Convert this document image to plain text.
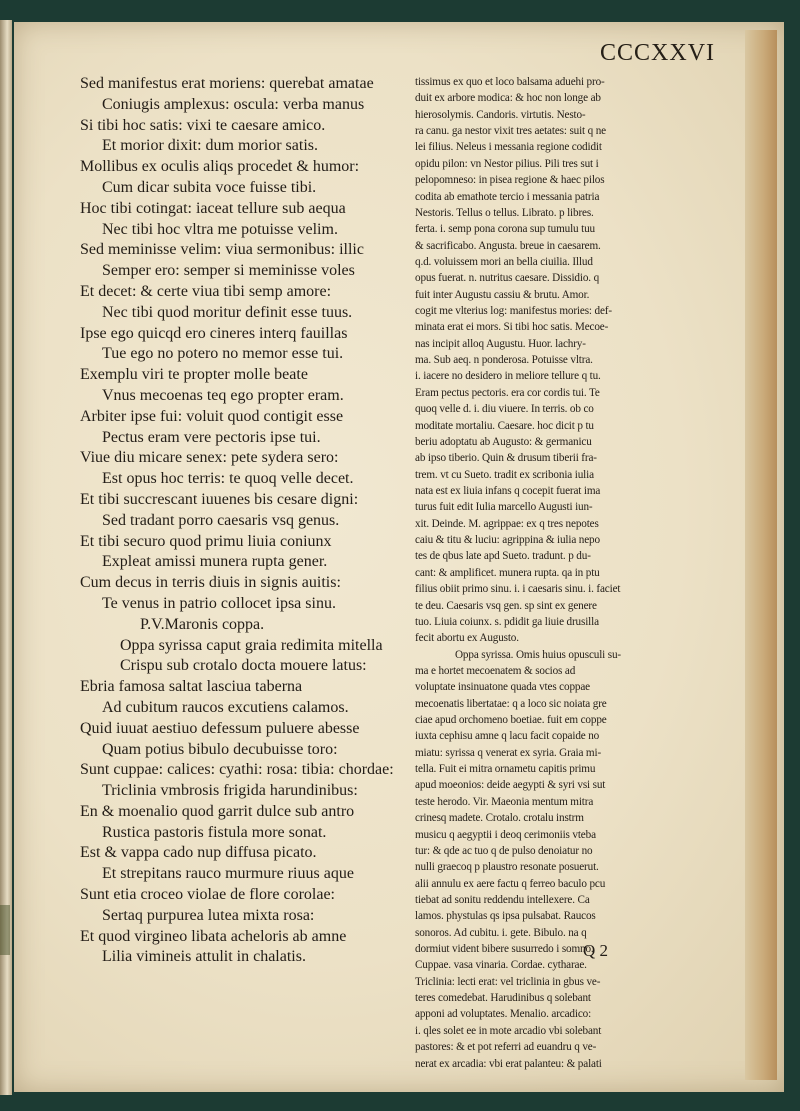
CCCXXVI
Sed manifestus erat moriens: querebat amatae
Coniugis amplexus: oscula: verba manus
Si tibi hoc satis: vixi te caesare amico.
Et morior dixit: dum morior satis.
Mollibus ex oculis aliqs procedet & humor:
Cum dicar subita voce fuisse tibi.
Hoc tibi cotingat: iaceat tellure sub aequa
Nec tibi hoc vltra me potuisse velim.
Sed meminisse velim: viua sermonibus: illic
Semper ero: semper si meminisse voles
Et decet: & certe viua tibi semp amore:
Nec tibi quod moritur definit esse tuus.
Ipse ego quicqd ero cineres interq fauillas
Tue ego no potero no memor esse tui.
Exemplu viri te propter molle beate
Vnus mecoenas teq ego propter eram.
Arbiter ipse fui: voluit quod contigit esse
Pectus eram vere pectoris ipse tui.
Viue diu micare senex: pete sydera sero:
Est opus hoc terris: te quoq velle decet.
Et tibi succrescant iuuenes bis cesare digni:
Sed tradant porro caesaris vsq genus.
Et tibi securo quod primu liuia coniunx
Expleat amissi munera rupta gener.
Cum decus in terris diuis in signis auitis:
Te venus in patrio collocet ipsa sinu.
P.V.Maronis coppa.
Oppa syrissa caput graia redimita mitella
Crispu sub crotalo docta mouere latus:
Ebria famosa saltat lasciua taberna
Ad cubitum raucos excutiens calamos.
Quid iuuat aestiuo defessum puluere abesse
Quam potius bibulo decubuisse toro:
Sunt cuppae: calices: cyathi: rosa: tibia: chordae:
Triclinia vmbrosis frigida harundinibus:
En & moenalio quod garrit dulce sub antro
Rustica pastoris fistula more sonat.
Est & vappa cado nup diffusa picato.
Et strepitans rauco murmure riuus aque
Sunt etia croceo violae de flore corolae:
Sertaq purpurea lutea mixta rosa:
Et quod virgineo libata acheloris ab amne
Lilia vimineis attulit in chalatis.
tissimus ex quo et loco balsama aduehi pro-
duit ex arbore modica: & hoc non longe ab
hierosolymis. Candoris. virtutis. Nesto-
ra canu. ga nestor vixit tres aetates: suit q ne
lei filius. Neleus i messania regione codidit
opidu pilon: vn Nestor pilius. Pili tres sut i
pelopomneso: in pisea regione & haec pilos
codita ab emathote tercio i messania patria
Nestoris. Tellus o tellus. Librato. p libres.
ferta. i. semp pona corona sup tumulu tuu
& sacrificabo. Angusta. breue in caesarem.
q.d. voluissem mori an bella ciuilia. Illud
opus fuerat. n. nutritus caesare. Dissidio. q
fuit inter Augustu cassiu & brutu. Amor.
cogit me vlterius log: manifestus mories: def-
minata erat ei mors. Si tibi hoc satis. Mecoe-
nas incipit alloq Augustu. Huor. lachry-
ma. Sub aeq. n ponderosa. Potuisse vltra.
i. iacere no desidero in meliore tellure q tu.
Eram pectus pectoris. era cor cordis tui. Te
quoq velle d. i. diu viuere. In terris. ob co
moditate mortaliu. Caesare. hoc dicit p tu
beriu adoptatu ab Augusto: & germanicu
ab ipso tiberio. Quin & drusum tiberii fra-
trem. vt cu Sueto. tradit ex scribonia iulia
nata est ex liuia infans q cocepit fuerat ima
turus fuit edit Iulia marcello Augusti iun-
xit. Deinde. M. agrippae: ex q tres nepotes
caiu & titu & luciu: agrippina & iulia nepo
tes de qbus late apd Sueto. tradunt. p du-
cant: & amplificet. munera rupta. qa in ptu
filius obiit primo sinu. i. i caesaris sinu. i. faciet
te deu. Caesaris vsq gen. sp sint ex genere
tuo. Liuia coiunx. s. pdidit ga liuie drusilla
fecit abortu ex Augusto.
Oppa syrissa. Omis huius opusculi su-
ma e hortet mecoenatem & socios ad
voluptate insinuatone quada vtes coppae
mecoenatis libertatae: q a loco sic noiata gre
ciae apud orchomeno boetiae. fuit em coppe
iuxta cephisu amne q lacu facit copaide no
miatu: syrissa q venerat ex syria. Graia mi-
tella. Fuit ei mitra ornametu capitis primu
apud moeonios: deide aegypti & syri vsi sut
teste herodo. Vir. Maeonia mentum mitra
crinesq madete. Crotalo. crotalu instrm
musicu q aegyptii i deoq cerimoniis vteba
tur: & qde ac tuo q de pulso denoiatur no
nulli graecoq p plaustro resonate posuerut.
alii annulu ex aere factu q ferreo baculo pcu
tiebat ad sonitu reddendu intellexere. Ca
lamos. phystulas qs ipsa pulsabat. Raucos
sonoros. Ad cubitu. i. gete. Bibulo. na q
dormiut vident bibere susurredo i somno.
Cuppae. vasa vinaria. Cordae. cytharae.
Triclinia: lecti erat: vel triclinia in gbus ve-
teres comedebat. Harudinibus q solebant
apponi ad voluptates. Menalio. arcadico:
i. qles solet ee in mote arcadio vbi solebant
pastores: & et pot referri ad euandru q ve-
nerat ex arcadia: vbi erat palanteu: & palati
Q 2
